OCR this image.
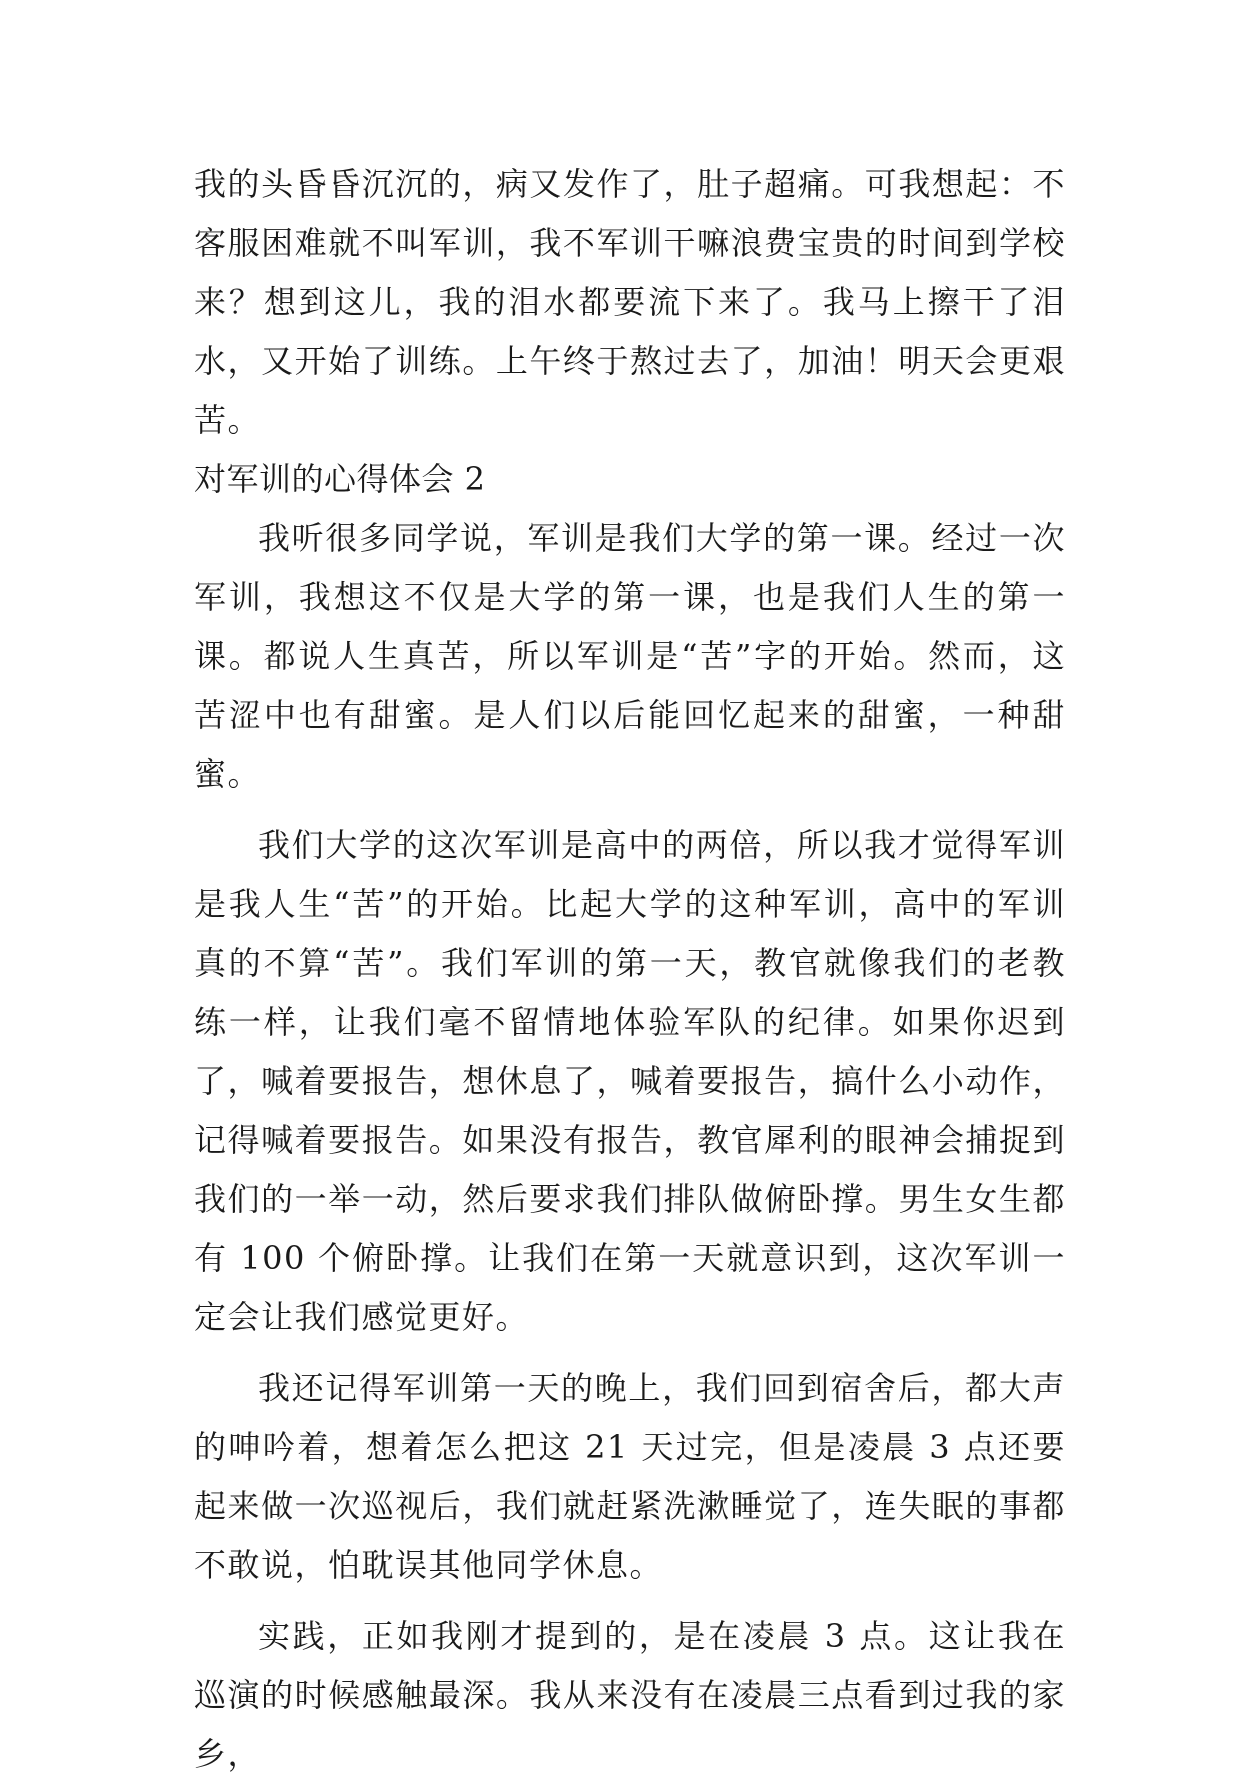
我的头昏昏沉沉的，病又发作了，肚子超痛。可我想起：不客服困难就不叫军训，我不军训干嘛浪费宝贵的时间到学校来？想到这儿，我的泪水都要流下来了。我马上擦干了泪水，又开始了训练。上午终于熬过去了，加油！明天会更艰苦。

对军训的心得体会 2

我听很多同学说，军训是我们大学的第一课。经过一次军训，我想这不仅是大学的第一课，也是我们人生的第一课。都说人生真苦，所以军训是“苦”字的开始。然而，这苦涩中也有甜蜜。是人们以后能回忆起来的甜蜜，一种甜蜜。

我们大学的这次军训是高中的两倍，所以我才觉得军训是我人生“苦”的开始。比起大学的这种军训，高中的军训真的不算“苦”。我们军训的第一天，教官就像我们的老教练一样，让我们毫不留情地体验军队的纪律。如果你迟到了，喊着要报告，想休息了，喊着要报告，搞什么小动作，记得喊着要报告。如果没有报告，教官犀利的眼神会捕捉到我们的一举一动，然后要求我们排队做俯卧撑。男生女生都有 100 个俯卧撑。让我们在第一天就意识到，这次军训一定会让我们感觉更好。

我还记得军训第一天的晚上，我们回到宿舍后，都大声的呻吟着，想着怎么把这 21 天过完，但是凌晨 3 点还要起来做一次巡视后，我们就赶紧洗漱睡觉了，连失眠的事都不敢说，怕耽误其他同学休息。

实践，正如我刚才提到的，是在凌晨 3 点。这让我在巡演的时候感触最深。我从来没有在凌晨三点看到过我的家乡，
